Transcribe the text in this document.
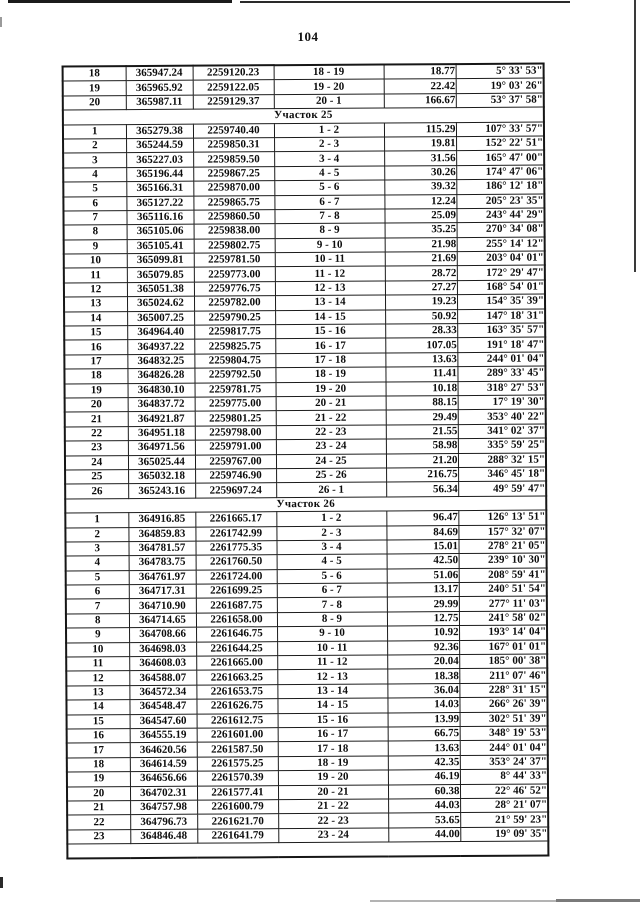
104
18	365947.24	2259120.23	18 - 19	18.77	5° 33' 53"
19	365965.92	2259122.05	19 - 20	22.42	19° 03' 26"
20	365987.11	2259129.37	20 - 1	166.67	53° 37' 58"
Участок 25					
1	365279.38	2259740.40	1 - 2	115.29	107° 33' 57"
2	365244.59	2259850.31	2 - 3	19.81	152° 22' 51"
3	365227.03	2259859.50	3 - 4	31.56	165° 47' 00"
4	365196.44	2259867.25	4 - 5	30.26	174° 47' 06"
5	365166.31	2259870.00	5 - 6	39.32	186° 12' 18"
6	365127.22	2259865.75	6 - 7	12.24	205° 23' 35"
7	365116.16	2259860.50	7 - 8	25.09	243° 44' 29"
8	365105.06	2259838.00	8 - 9	35.25	270° 34' 08"
9	365105.41	2259802.75	9 - 10	21.98	255° 14' 12"
10	365099.81	2259781.50	10 - 11	21.69	203° 04' 01"
11	365079.85	2259773.00	11 - 12	28.72	172° 29' 47"
12	365051.38	2259776.75	12 - 13	27.27	168° 54' 01"
13	365024.62	2259782.00	13 - 14	19.23	154° 35' 39"
14	365007.25	2259790.25	14 - 15	50.92	147° 18' 31"
15	364964.40	2259817.75	15 - 16	28.33	163° 35' 57"
16	364937.22	2259825.75	16 - 17	107.05	191° 18' 47"
17	364832.25	2259804.75	17 - 18	13.63	244° 01' 04"
18	364826.28	2259792.50	18 - 19	11.41	289° 33' 45"
19	364830.10	2259781.75	19 - 20	10.18	318° 27' 53"
20	364837.72	2259775.00	20 - 21	88.15	17° 19' 30"
21	364921.87	2259801.25	21 - 22	29.49	353° 40' 22"
22	364951.18	2259798.00	22 - 23	21.55	341° 02' 37"
23	364971.56	2259791.00	23 - 24	58.98	335° 59' 25"
24	365025.44	2259767.00	24 - 25	21.20	288° 32' 15"
25	365032.18	2259746.90	25 - 26	216.75	346° 45' 18"
26	365243.16	2259697.24	26 - 1	56.34	49° 59' 47"
Участок 26					
1	364916.85	2261665.17	1 - 2	96.47	126° 13' 51"
2	364859.83	2261742.99	2 - 3	84.69	157° 32' 07"
3	364781.57	2261775.35	3 - 4	15.01	278° 21' 05"
4	364783.75	2261760.50	4 - 5	42.50	239° 10' 30"
5	364761.97	2261724.00	5 - 6	51.06	208° 59' 41"
6	364717.31	2261699.25	6 - 7	13.17	240° 51' 54"
7	364710.90	2261687.75	7 - 8	29.99	277° 11' 03"
8	364714.65	2261658.00	8 - 9	12.75	241° 58' 02"
9	364708.66	2261646.75	9 - 10	10.92	193° 14' 04"
10	364698.03	2261644.25	10 - 11	92.36	167° 01' 01"
11	364608.03	2261665.00	11 - 12	20.04	185° 00' 38"
12	364588.07	2261663.25	12 - 13	18.38	211° 07' 46"
13	364572.34	2261653.75	13 - 14	36.04	228° 31' 15"
14	364548.47	2261626.75	14 - 15	14.03	266° 26' 39"
15	364547.60	2261612.75	15 - 16	13.99	302° 51' 39"
16	364555.19	2261601.00	16 - 17	66.75	348° 19' 53"
17	364620.56	2261587.50	17 - 18	13.63	244° 01' 04"
18	364614.59	2261575.25	18 - 19	42.35	353° 24' 37"
19	364656.66	2261570.39	19 - 20	46.19	8° 44' 33"
20	364702.31	2261577.41	20 - 21	60.38	22° 46' 52"
21	364757.98	2261600.79	21 - 22	44.03	28° 21' 07"
22	364796.73	2261621.70	22 - 23	53.65	21° 59' 23"
23	364846.48	2261641.79	23 - 24	44.00	19° 09' 35"
